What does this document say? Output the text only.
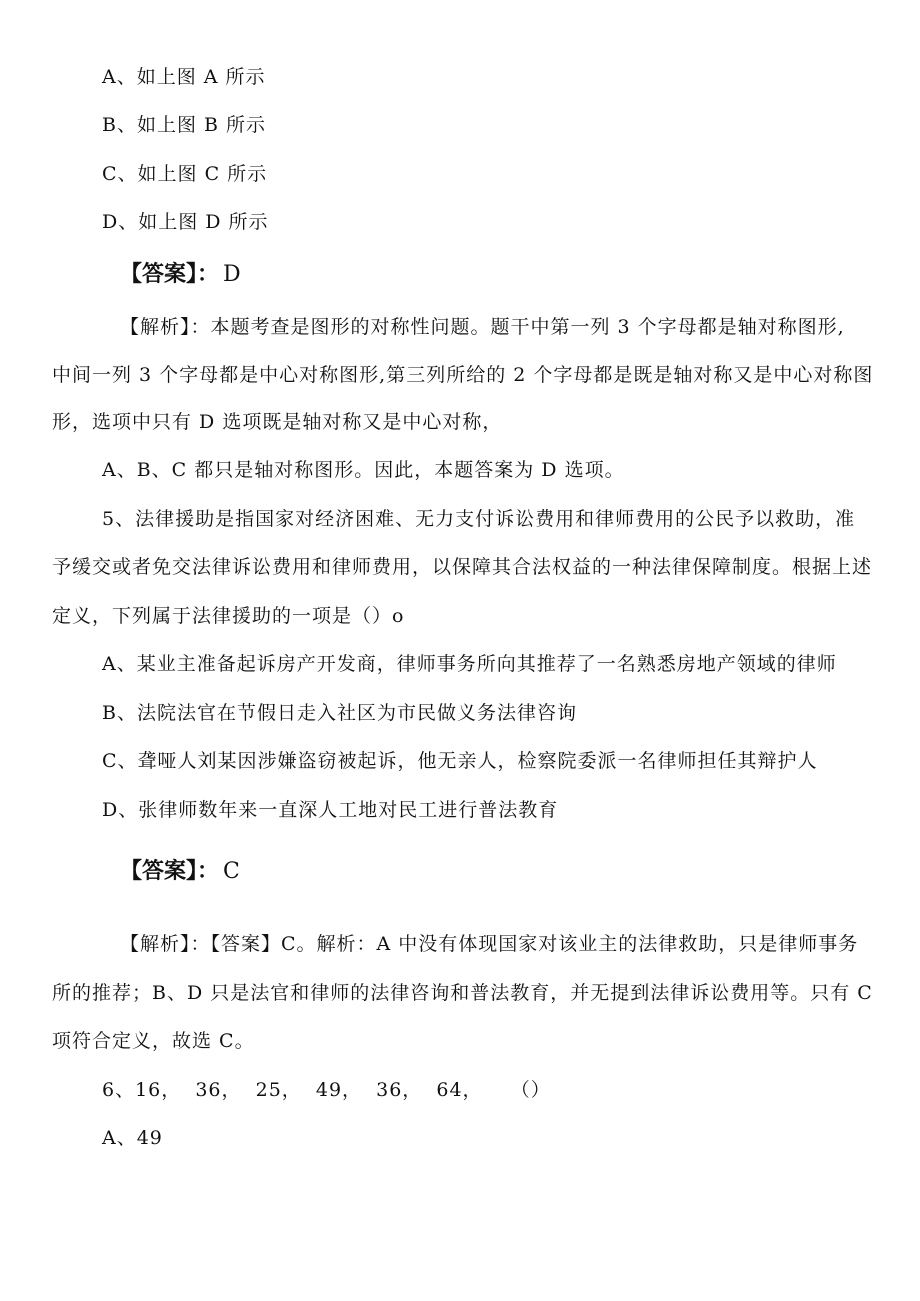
A、如上图 A 所示
B、如上图 B 所示
C、如上图 C 所示
D、如上图 D 所示
【答案】： D
【解析】：本题考查是图形的对称性问题。题干中第一列 3 个字母都是轴对称图形,
中间一列 3 个字母都是中心对称图形,第三列所给的 2 个字母都是既是轴对称又是中心对称图
形，选项中只有 D 选项既是轴对称又是中心对称，
A、B、C 都只是轴对称图形。因此，本题答案为 D 选项。
5、法律援助是指国家对经济困难、无力支付诉讼费用和律师费用的公民予以救助，准
予缓交或者免交法律诉讼费用和律师费用，以保障其合法权益的一种法律保障制度。根据上述
定义，下列属于法律援助的一项是（）o
A、某业主准备起诉房产开发商，律师事务所向其推荐了一名熟悉房地产领域的律师
B、法院法官在节假日走入社区为市民做义务法律咨询
C、聋哑人刘某因涉嫌盗窃被起诉，他无亲人，检察院委派一名律师担任其辩护人
D、张律师数年来一直深人工地对民工进行普法教育
【答案】： C
【解析】：【答案】C。解析：A 中没有体现国家对该业主的法律救助，只是律师事务
所的推荐；B、D 只是法官和律师的法律咨询和普法教育，并无提到法律诉讼费用等。只有 C
项符合定义，故选 C。
6、16，  36，  25，  49，  36，  64，    （）
A、49
